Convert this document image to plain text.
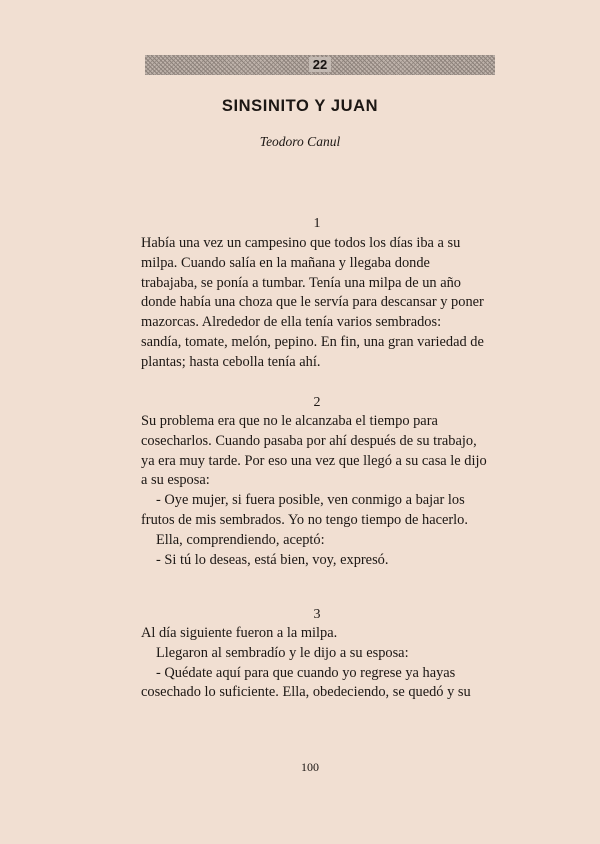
22
SINSINITO Y JUAN
Teodoro Canul
1
Había una vez un campesino que todos los días iba a su
milpa. Cuando salía en la mañana y llegaba donde
trabajaba, se ponía a tumbar. Tenía una milpa de un año
donde había una choza que le servía para descansar y poner
mazorcas. Alrededor de ella tenía varios sembrados:
sandía, tomate, melón, pepino. En fin, una gran variedad de
plantas; hasta cebolla tenía ahí.
2
Su problema era que no le alcanzaba el tiempo para
cosecharlos. Cuando pasaba por ahí después de su trabajo,
ya era muy tarde. Por eso una vez que llegó a su casa le dijo
a su esposa:
- Oye mujer, si fuera posible, ven conmigo a bajar los
frutos de mis sembrados. Yo no tengo tiempo de hacerlo.
Ella, comprendiendo, aceptó:
- Si tú lo deseas, está bien, voy, expresó.
3
Al día siguiente fueron a la milpa.
Llegaron al sembradío y le dijo a su esposa:
- Quédate aquí para que cuando yo regrese ya hayas
cosechado lo suficiente. Ella, obedeciendo, se quedó y su
100
